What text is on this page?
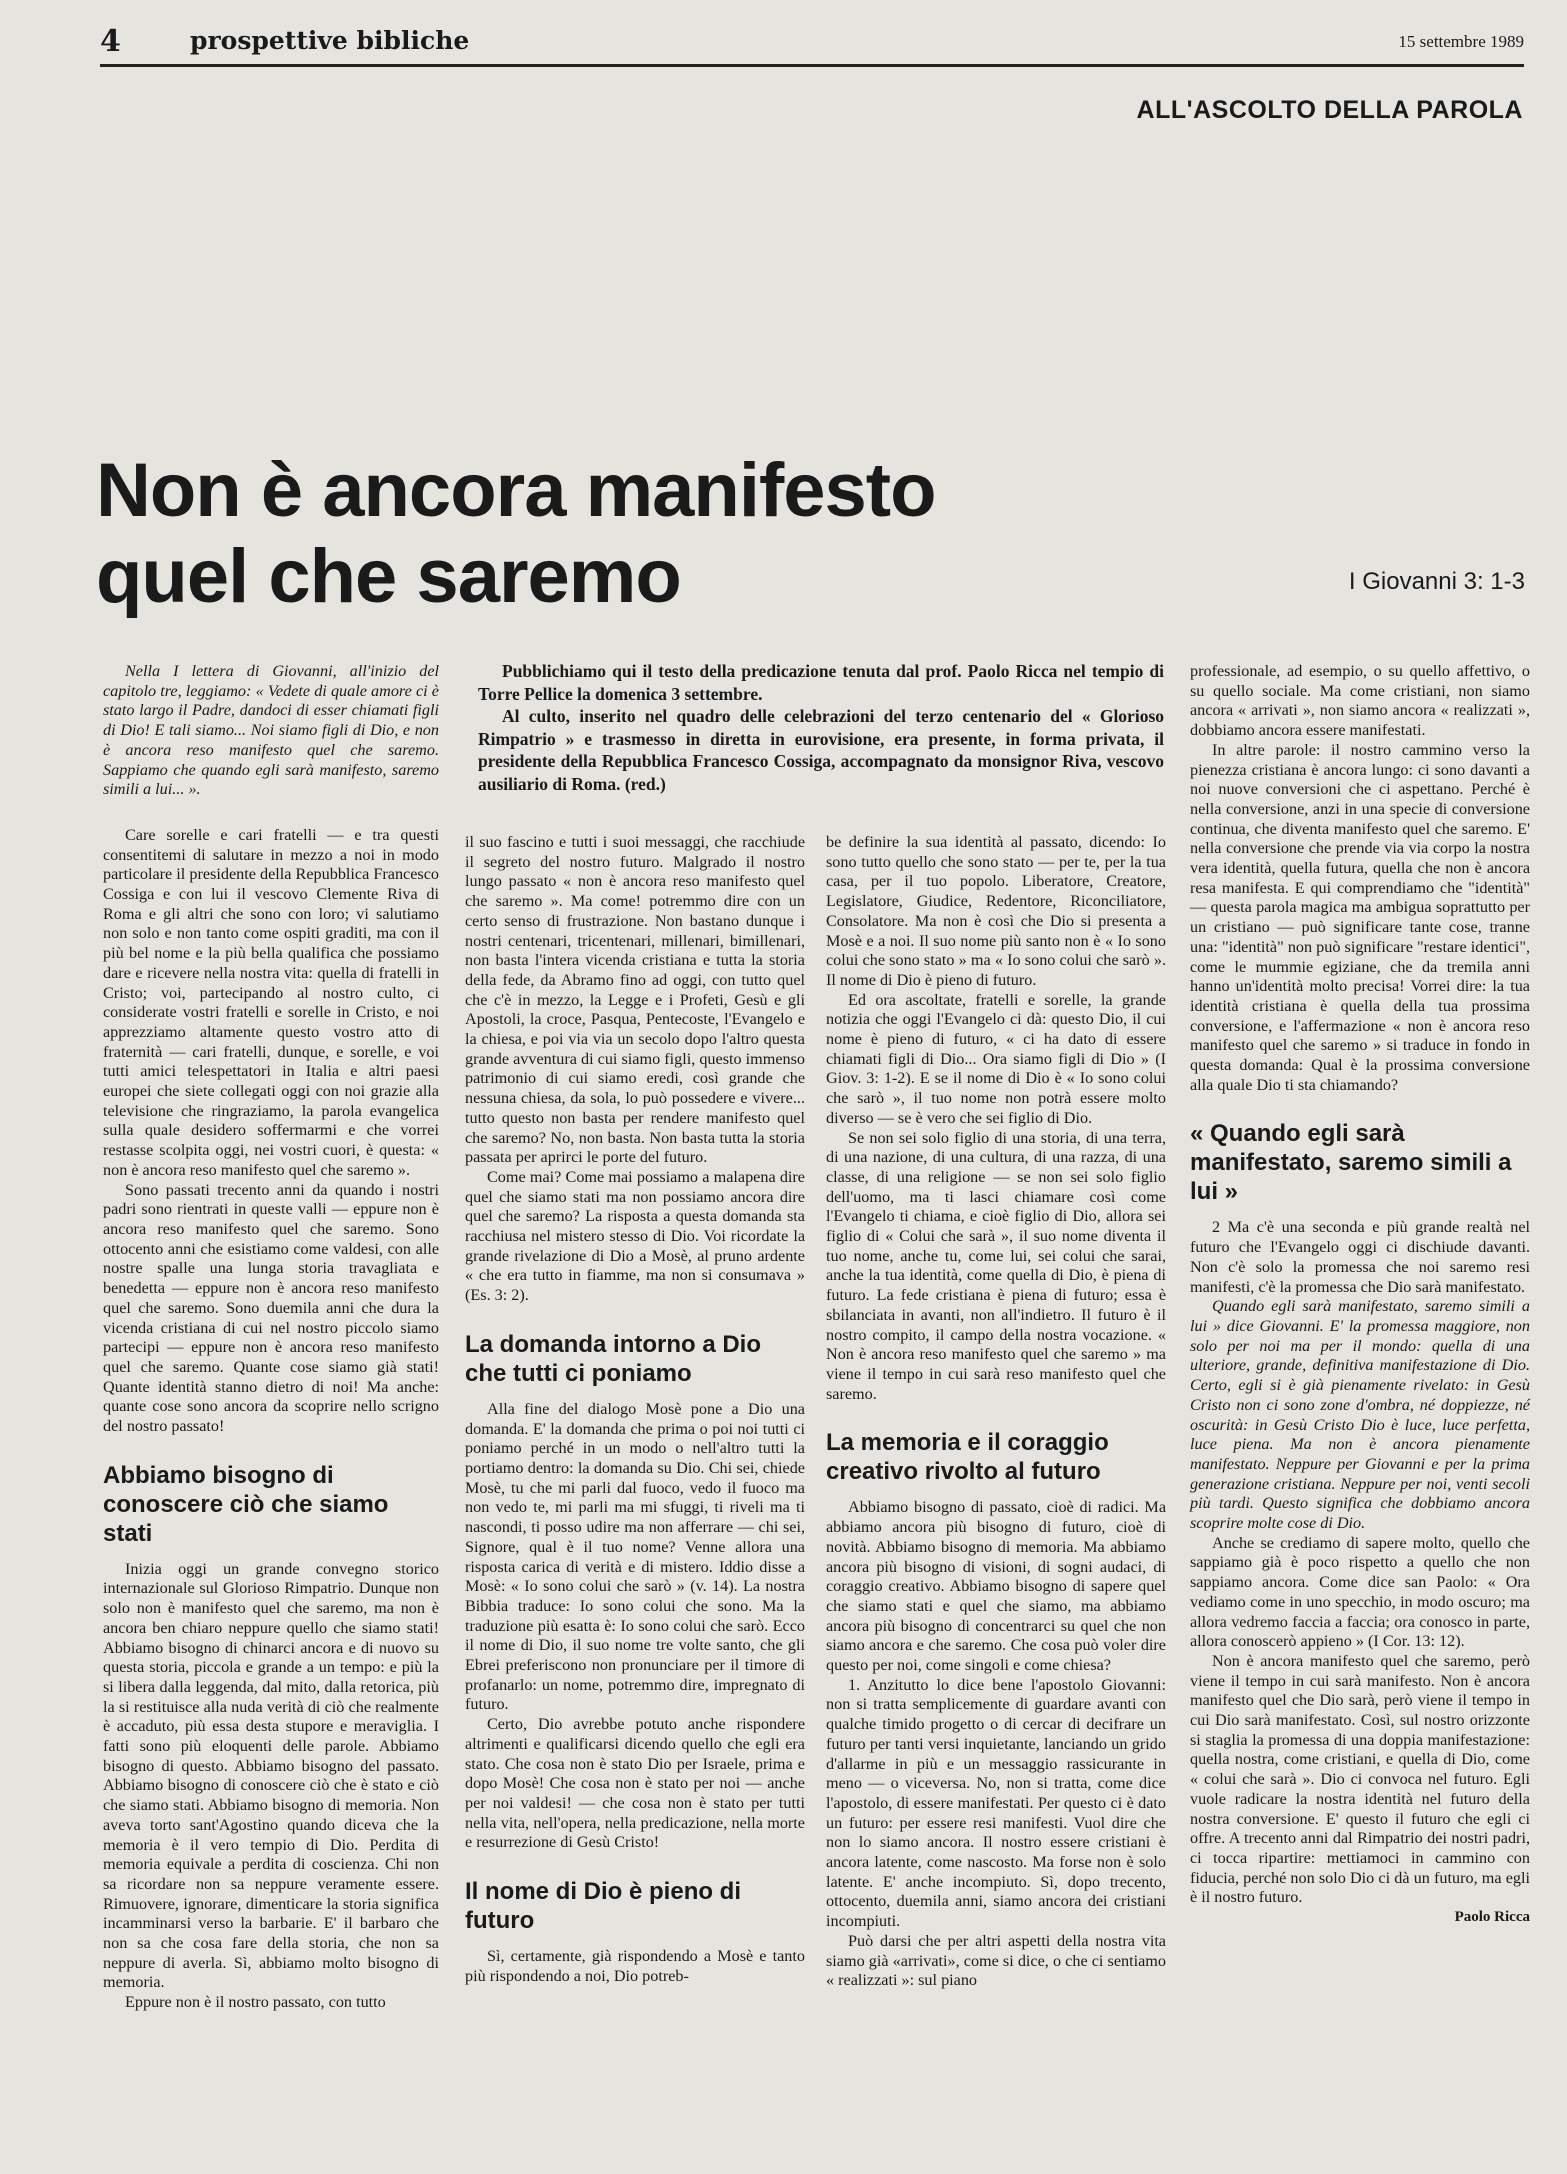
4	prospettive bibliche	15 settembre 1989
ALL'ASCOLTO DELLA PAROLA
Non è ancora manifesto
quel che saremo	I Giovanni 3: 1-3

Pubblichiamo qui il testo della predicazione tenuta dal prof. Paolo Ricca nel tempio di Torre Pellice la domenica 3 settembre.

Al culto, inserito nel quadro delle celebrazioni del terzo centenario del « Glorioso Rimpatrio » e trasmesso in diretta in eurovisione, era presente, in forma privata, il presidente della Repubblica Francesco Cossiga, accompagnato da monsignor Riva, vescovo ausiliario di Roma. (red.)

Nella I lettera di Giovanni, all'inizio del capitolo tre, leggiamo: « Vedete di quale amore ci è stato largo il Padre, dandoci di esser chiamati figli di Dio! E tali siamo... Noi siamo figli di Dio, e non è ancora reso manifesto quel che saremo. Sappiamo che quando egli sarà manifesto, saremo simili a lui... ».

Care sorelle e cari fratelli — e tra questi consentitemi di salutare in mezzo a noi in modo particolare il presidente della Repubblica Francesco Cossiga e con lui il vescovo Clemente Riva di Roma e gli altri che sono con loro; vi salutiamo non solo e non tanto come ospiti graditi, ma con il più bel nome e la più bella qualifica che possiamo dare e ricevere nella nostra vita: quella di fratelli in Cristo; voi, partecipando al nostro culto, ci considerate vostri fratelli e sorelle in Cristo, e noi apprezziamo altamente questo vostro atto di fraternità — cari fratelli, dunque, e sorelle, e voi tutti amici telespettatori in Italia e altri paesi europei che siete collegati oggi con noi grazie alla televisione che ringraziamo, la parola evangelica sulla quale desidero soffermarmi e che vorrei restasse scolpita oggi, nei vostri cuori, è questa: « non è ancora reso manifesto quel che saremo ».

Sono passati trecento anni da quando i nostri padri sono rientrati in queste valli — eppure non è ancora reso manifesto quel che saremo. Sono ottocento anni che esistiamo come valdesi, con alle nostre spalle una lunga storia travagliata e benedetta — eppure non è ancora reso manifesto quel che saremo. Sono duemila anni che dura la vicenda cristiana di cui nel nostro piccolo siamo partecipi — eppure non è ancora reso manifesto quel che saremo. Quante cose siamo già stati! Quante identità stanno dietro di noi! Ma anche: quante cose sono ancora da scoprire nello scrigno del nostro passato!

Abbiamo bisogno di conoscere ciò che siamo stati

Inizia oggi un grande convegno storico internazionale sul Glorioso Rimpatrio. Dunque non solo non è manifesto quel che saremo, ma non è ancora ben chiaro neppure quello che siamo stati! Abbiamo bisogno di chinarci ancora e di nuovo su questa storia, piccola e grande a un tempo: e più la si libera dalla leggenda, dal mito, dalla retorica, più la si restituisce alla nuda verità di ciò che realmente è accaduto, più essa desta stupore e meraviglia. I fatti sono più eloquenti delle parole. Abbiamo bisogno di questo. Abbiamo bisogno del passato. Abbiamo bisogno di conoscere ciò che è stato e ciò che siamo stati. Abbiamo bisogno di memoria. Non aveva torto sant'Agostino quando diceva che la memoria è il vero tempio di Dio. Perdita di memoria equivale a perdita di coscienza. Chi non sa ricordare non sa neppure veramente essere. Rimuovere, ignorare, dimenticare la storia significa incamminarsi verso la barbarie. E' il barbaro che non sa che cosa fare della storia, che non sa neppure di averla. Sì, abbiamo molto bisogno di memoria.

Eppure non è il nostro passato, con tutto

il suo fascino e tutti i suoi messaggi, che racchiude il segreto del nostro futuro. Malgrado il nostro lungo passato « non è ancora reso manifesto quel che saremo ». Ma come! potremmo dire con un certo senso di frustrazione. Non bastano dunque i nostri centenari, tricentenari, millenari, bimillenari, non basta l'intera vicenda cristiana e tutta la storia della fede, da Abramo fino ad oggi, con tutto quel che c'è in mezzo, la Legge e i Profeti, Gesù e gli Apostoli, la croce, Pasqua, Pentecoste, l'Evangelo e la chiesa, e poi via via un secolo dopo l'altro questa grande avventura di cui siamo figli, questo immenso patrimonio di cui siamo eredi, così grande che nessuna chiesa, da sola, lo può possedere e vivere... tutto questo non basta per rendere manifesto quel che saremo? No, non basta. Non basta tutta la storia passata per aprirci le porte del futuro.

Come mai? Come mai possiamo a malapena dire quel che siamo stati ma non possiamo ancora dire quel che saremo? La risposta a questa domanda sta racchiusa nel mistero stesso di Dio. Voi ricordate la grande rivelazione di Dio a Mosè, al pruno ardente « che era tutto in fiamme, ma non si consumava » (Es. 3: 2).

La domanda intorno a Dio che tutti ci poniamo

Alla fine del dialogo Mosè pone a Dio una domanda. E' la domanda che prima o poi noi tutti ci poniamo perché in un modo o nell'altro tutti la portiamo dentro: la domanda su Dio. Chi sei, chiede Mosè, tu che mi parli dal fuoco, vedo il fuoco ma non vedo te, mi parli ma mi sfuggi, ti riveli ma ti nascondi, ti posso udire ma non afferrare — chi sei, Signore, qual è il tuo nome? Venne allora una risposta carica di verità e di mistero. Iddio disse a Mosè: « Io sono colui che sarò » (v. 14). La nostra Bibbia traduce: Io sono colui che sono. Ma la traduzione più esatta è: Io sono colui che sarò. Ecco il nome di Dio, il suo nome tre volte santo, che gli Ebrei preferiscono non pronunciare per il timore di profanarlo: un nome, potremmo dire, impregnato di futuro.

Certo, Dio avrebbe potuto anche rispondere altrimenti e qualificarsi dicendo quello che egli era stato. Che cosa non è stato Dio per Israele, prima e dopo Mosè! Che cosa non è stato per noi — anche per noi valdesi! — che cosa non è stato per tutti nella vita, nell'opera, nella predicazione, nella morte e resurrezione di Gesù Cristo!

Il nome di Dio è pieno di futuro

Sì, certamente, già rispondendo a Mosè e tanto più rispondendo a noi, Dio potreb-

be definire la sua identità al passato, dicendo: Io sono tutto quello che sono stato — per te, per la tua casa, per il tuo popolo. Liberatore, Creatore, Legislatore, Giudice, Redentore, Riconciliatore, Consolatore. Ma non è così che Dio si presenta a Mosè e a noi. Il suo nome più santo non è « Io sono colui che sono stato » ma « Io sono colui che sarò ». Il nome di Dio è pieno di futuro.

Ed ora ascoltate, fratelli e sorelle, la grande notizia che oggi l'Evangelo ci dà: questo Dio, il cui nome è pieno di futuro, « ci ha dato di essere chiamati figli di Dio... Ora siamo figli di Dio » (I Giov. 3: 1-2). E se il nome di Dio è « Io sono colui che sarò », il tuo nome non potrà essere molto diverso — se è vero che sei figlio di Dio.

Se non sei solo figlio di una storia, di una terra, di una nazione, di una cultura, di una razza, di una classe, di una religione — se non sei solo figlio dell'uomo, ma ti lasci chiamare così come l'Evangelo ti chiama, e cioè figlio di Dio, allora sei figlio di « Colui che sarà », il suo nome diventa il tuo nome, anche tu, come lui, sei colui che sarai, anche la tua identità, come quella di Dio, è piena di futuro. La fede cristiana è piena di futuro; essa è sbilanciata in avanti, non all'indietro. Il futuro è il nostro compito, il campo della nostra vocazione. « Non è ancora reso manifesto quel che saremo » ma viene il tempo in cui sarà reso manifesto quel che saremo.

La memoria e il coraggio creativo rivolto al futuro

Abbiamo bisogno di passato, cioè di radici. Ma abbiamo ancora più bisogno di futuro, cioè di novità. Abbiamo bisogno di memoria. Ma abbiamo ancora più bisogno di visioni, di sogni audaci, di coraggio creativo. Abbiamo bisogno di sapere quel che siamo stati e quel che siamo, ma abbiamo ancora più bisogno di concentrarci su quel che non siamo ancora e che saremo. Che cosa può voler dire questo per noi, come singoli e come chiesa?

1. Anzitutto lo dice bene l'apostolo Giovanni: non si tratta semplicemente di guardare avanti con qualche timido progetto o di cercar di decifrare un futuro per tanti versi inquietante, lanciando un grido d'allarme in più e un messaggio rassicurante in meno — o viceversa. No, non si tratta, come dice l'apostolo, di essere manifestati. Per questo ci è dato un futuro: per essere resi manifesti. Vuol dire che non lo siamo ancora. Il nostro essere cristiani è ancora latente, come nascosto. Ma forse non è solo latente. E' anche incompiuto. Sì, dopo trecento, ottocento, duemila anni, siamo ancora dei cristiani incompiuti.

Può darsi che per altri aspetti della nostra vita siamo già «arrivati», come si dice, o che ci sentiamo « realizzati »: sul piano

professionale, ad esempio, o su quello affettivo, o su quello sociale. Ma come cristiani, non siamo ancora « arrivati », non siamo ancora « realizzati », dobbiamo ancora essere manifestati.

In altre parole: il nostro cammino verso la pienezza cristiana è ancora lungo: ci sono davanti a noi nuove conversioni che ci aspettano. Perché è nella conversione, anzi in una specie di conversione continua, che diventa manifesto quel che saremo. E' nella conversione che prende via via corpo la nostra vera identità, quella futura, quella che non è ancora resa manifesta. E qui comprendiamo che "identità" — questa parola magica ma ambigua soprattutto per un cristiano — può significare tante cose, tranne una: "identità" non può significare "restare identici", come le mummie egiziane, che da tremila anni hanno un'identità molto precisa! Vorrei dire: la tua identità cristiana è quella della tua prossima conversione, e l'affermazione « non è ancora reso manifesto quel che saremo » si traduce in fondo in questa domanda: Qual è la prossima conversione alla quale Dio ti sta chiamando?

« Quando egli sarà manifestato, saremo simili a lui »

2 Ma c'è una seconda e più grande realtà nel futuro che l'Evangelo oggi ci dischiude davanti. Non c'è solo la promessa che noi saremo resi manifesti, c'è la promessa che Dio sarà manifestato.

Quando egli sarà manifestato, saremo simili a lui » dice Giovanni. E' la promessa maggiore, non solo per noi ma per il mondo: quella di una ulteriore, grande, definitiva manifestazione di Dio. Certo, egli si è già pienamente rivelato: in Gesù Cristo non ci sono zone d'ombra, né doppiezze, né oscurità: in Gesù Cristo Dio è luce, luce perfetta, luce piena. Ma non è ancora pienamente manifestato. Neppure per Giovanni e per la prima generazione cristiana. Neppure per noi, venti secoli più tardi. Questo significa che dobbiamo ancora scoprire molte cose di Dio.

Anche se crediamo di sapere molto, quello che sappiamo già è poco rispetto a quello che non sappiamo ancora. Come dice san Paolo: « Ora vediamo come in uno specchio, in modo oscuro; ma allora vedremo faccia a faccia; ora conosco in parte, allora conoscerò appieno » (I Cor. 13: 12).

Non è ancora manifesto quel che saremo, però viene il tempo in cui sarà manifesto. Non è ancora manifesto quel che Dio sarà, però viene il tempo in cui Dio sarà manifestato. Così, sul nostro orizzonte si staglia la promessa di una doppia manifestazione: quella nostra, come cristiani, e quella di Dio, come « colui che sarà ». Dio ci convoca nel futuro. Egli vuole radicare la nostra identità nel futuro della nostra conversione. E' questo il futuro che egli ci offre. A trecento anni dal Rimpatrio dei nostri padri, ci tocca ripartire: mettiamoci in cammino con fiducia, perché non solo Dio ci dà un futuro, ma egli è il nostro futuro.

Paolo Ricca
